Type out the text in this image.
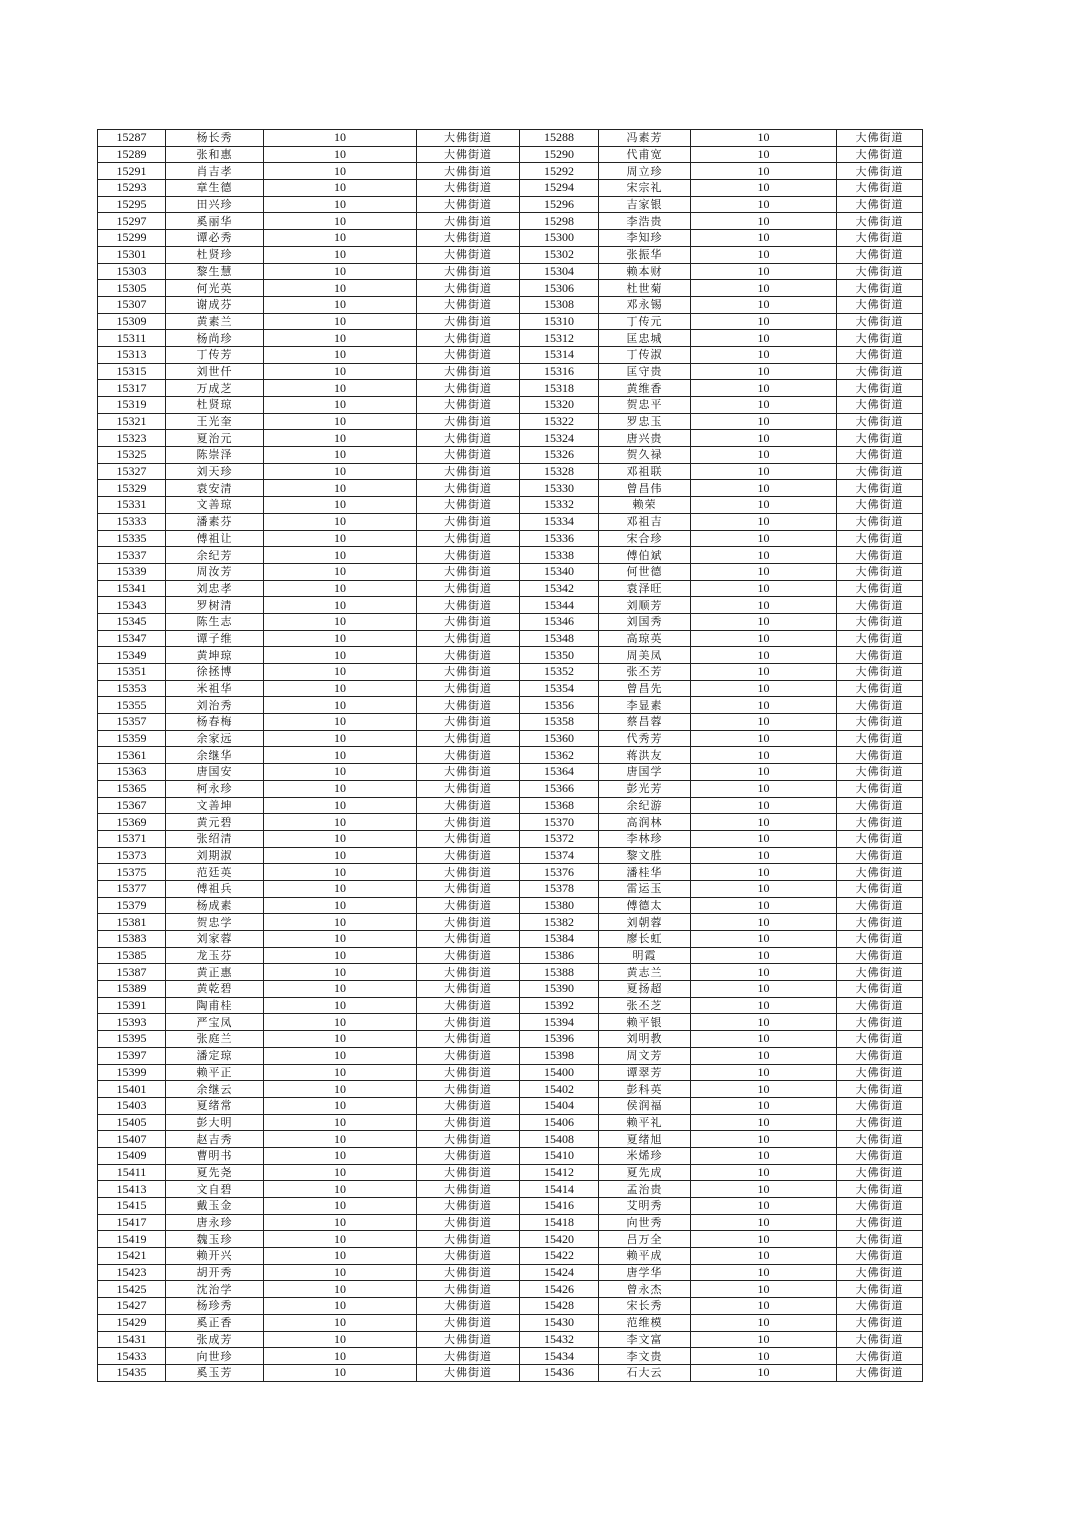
15287	杨长秀	10	大佛街道	15288	冯素芳	10	大佛街道
15289	张和惠	10	大佛街道	15290	代甫宽	10	大佛街道
15291	肖吉孝	10	大佛街道	15292	周立珍	10	大佛街道
15293	章生德	10	大佛街道	15294	宋宗礼	10	大佛街道
15295	田兴珍	10	大佛街道	15296	吉家银	10	大佛街道
15297	奚丽华	10	大佛街道	15298	李浩贵	10	大佛街道
15299	谭必秀	10	大佛街道	15300	李知珍	10	大佛街道
15301	杜贤珍	10	大佛街道	15302	张振华	10	大佛街道
15303	黎生慧	10	大佛街道	15304	赖本财	10	大佛街道
15305	何光英	10	大佛街道	15306	杜世菊	10	大佛街道
15307	谢成芬	10	大佛街道	15308	邓永锡	10	大佛街道
15309	黄素兰	10	大佛街道	15310	丁传元	10	大佛街道
15311	杨尚珍	10	大佛街道	15312	匡忠城	10	大佛街道
15313	丁传芳	10	大佛街道	15314	丁传淑	10	大佛街道
15315	刘世仟	10	大佛街道	15316	匡守贵	10	大佛街道
15317	万成芝	10	大佛街道	15318	黄维香	10	大佛街道
15319	杜贤琼	10	大佛街道	15320	贺忠平	10	大佛街道
15321	王光奎	10	大佛街道	15322	罗忠玉	10	大佛街道
15323	夏治元	10	大佛街道	15324	唐兴贵	10	大佛街道
15325	陈崇泽	10	大佛街道	15326	贺久禄	10	大佛街道
15327	刘天珍	10	大佛街道	15328	邓祖联	10	大佛街道
15329	袁安清	10	大佛街道	15330	曾昌伟	10	大佛街道
15331	文善琼	10	大佛街道	15332	赖荣	10	大佛街道
15333	潘素芬	10	大佛街道	15334	邓祖吉	10	大佛街道
15335	傅祖让	10	大佛街道	15336	宋合珍	10	大佛街道
15337	余纪芳	10	大佛街道	15338	傅伯斌	10	大佛街道
15339	周汝芳	10	大佛街道	15340	何世德	10	大佛街道
15341	刘忠孝	10	大佛街道	15342	袁泽旺	10	大佛街道
15343	罗树清	10	大佛街道	15344	刘顺芳	10	大佛街道
15345	陈生志	10	大佛街道	15346	刘国秀	10	大佛街道
15347	谭子维	10	大佛街道	15348	高琼英	10	大佛街道
15349	黄坤琼	10	大佛街道	15350	周美凤	10	大佛街道
15351	徐拯博	10	大佛街道	15352	张丕芳	10	大佛街道
15353	米祖华	10	大佛街道	15354	曾昌先	10	大佛街道
15355	刘治秀	10	大佛街道	15356	李显素	10	大佛街道
15357	杨春梅	10	大佛街道	15358	蔡昌蓉	10	大佛街道
15359	余家远	10	大佛街道	15360	代秀芳	10	大佛街道
15361	余继华	10	大佛街道	15362	蒋洪友	10	大佛街道
15363	唐国安	10	大佛街道	15364	唐国学	10	大佛街道
15365	柯永珍	10	大佛街道	15366	彭光芳	10	大佛街道
15367	文善坤	10	大佛街道	15368	余纪游	10	大佛街道
15369	黄元碧	10	大佛街道	15370	高润林	10	大佛街道
15371	张绍清	10	大佛街道	15372	李林珍	10	大佛街道
15373	刘期淑	10	大佛街道	15374	黎文胜	10	大佛街道
15375	范廷英	10	大佛街道	15376	潘桂华	10	大佛街道
15377	傅祖兵	10	大佛街道	15378	雷运玉	10	大佛街道
15379	杨成素	10	大佛街道	15380	傅德太	10	大佛街道
15381	贺忠学	10	大佛街道	15382	刘朝蓉	10	大佛街道
15383	刘家蓉	10	大佛街道	15384	廖长虹	10	大佛街道
15385	龙玉芬	10	大佛街道	15386	明霞	10	大佛街道
15387	黄正惠	10	大佛街道	15388	黄志兰	10	大佛街道
15389	黄乾碧	10	大佛街道	15390	夏扬超	10	大佛街道
15391	陶甫桂	10	大佛街道	15392	张丕芝	10	大佛街道
15393	严宝凤	10	大佛街道	15394	赖平银	10	大佛街道
15395	张庭兰	10	大佛街道	15396	刘明教	10	大佛街道
15397	潘定琼	10	大佛街道	15398	周文芳	10	大佛街道
15399	赖平正	10	大佛街道	15400	谭翠芳	10	大佛街道
15401	余继云	10	大佛街道	15402	彭科英	10	大佛街道
15403	夏绪常	10	大佛街道	15404	侯润福	10	大佛街道
15405	彭大明	10	大佛街道	15406	赖平礼	10	大佛街道
15407	赵吉秀	10	大佛街道	15408	夏绪旭	10	大佛街道
15409	曹明书	10	大佛街道	15410	米烯珍	10	大佛街道
15411	夏先尧	10	大佛街道	15412	夏先成	10	大佛街道
15413	文自碧	10	大佛街道	15414	孟治贵	10	大佛街道
15415	戴玉金	10	大佛街道	15416	艾明秀	10	大佛街道
15417	唐永珍	10	大佛街道	15418	向世秀	10	大佛街道
15419	魏玉珍	10	大佛街道	15420	吕万全	10	大佛街道
15421	赖开兴	10	大佛街道	15422	赖平成	10	大佛街道
15423	胡开秀	10	大佛街道	15424	唐学华	10	大佛街道
15425	沈治学	10	大佛街道	15426	曾永杰	10	大佛街道
15427	杨珍秀	10	大佛街道	15428	宋长秀	10	大佛街道
15429	奚正香	10	大佛街道	15430	范维模	10	大佛街道
15431	张成芳	10	大佛街道	15432	李文富	10	大佛街道
15433	向世珍	10	大佛街道	15434	李文贵	10	大佛街道
15435	奚玉芳	10	大佛街道	15436	石大云	10	大佛街道
